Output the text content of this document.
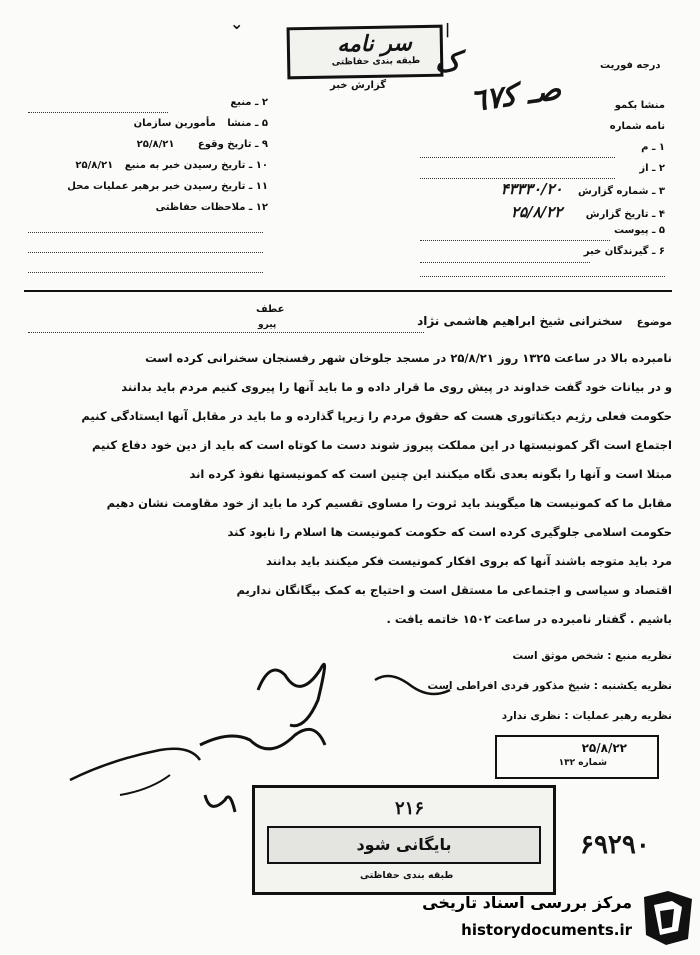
⌄	|
سر نامه
طبقه بندی حفاظتی ک
گزارش خبر
درجه فوریت
ﺻـ ﮐ٦٧
۲ ـ منبع
۵ ـ منشا مأمورین سازمان
۹ ـ تاریخ وقوع ۲۵/۸/۲۱
۱۰ ـ تاریخ رسیدن خبر به منبع ۲۵/۸/۲۱
۱۱ ـ تاریخ رسیدن خبر برهبر عملیات محل
۱۲ ـ ملاحظات حفاظتی
منشا بکمو
نامه شماره
۱ ـ م
۲ ـ از
۳ ـ شماره گزارش ۴۳۳۳۰/۲۰
۴ ـ تاریخ گزارش ۲۵/۸/۲۲
۵ ـ پیوست
۶ ـ گیرندگان خبر
عطف
پیرو	موضوع سخنرانی شیخ ابراهیم هاشمی نژاد
نامبرده بالا در ساعت ۱۳۲۵ روز ۲۵/۸/۲۱ در مسجد جلوخان شهر رفسنجان سخنرانی کرده است
و در بیانات خود گفت خداوند در پیش روی ما قرار داده و ما باید آنها را پیروی کنیم مردم باید بدانند
حکومت فعلی رژیم دیکتاتوری هست که حقوق مردم را زیرپا گذارده و ما باید در مقابل آنها ایستادگی کنیم
اجتماع است اگر کمونیستها در این مملکت پیروز شوند دست ما کوتاه است که باید از دین خود دفاع کنیم
مبتلا است و آنها را بگونه بعدی نگاه میکنند این چنین است که کمونیستها نفوذ کرده اند
مقابل ما که کمونیست ها میگویند باید ثروت را مساوی تقسیم کرد ما باید از خود مقاومت نشان دهیم
حکومت اسلامی جلوگیری کرده است که حکومت کمونیست ها اسلام را نابود کند
مرد باید متوجه باشند آنها که بروی افکار کمونیست فکر میکنند باید بدانند
اقتصاد و سیاسی و اجتماعی ما مستقل است و احتیاج به کمک بیگانگان نداریم
باشیم . گفتار نامبرده در ساعت ۱۵۰۲ خاتمه یافت .
نظریه منبع : شخص موثق است
نظریه یکشنبه : شیخ مذکور فردی افراطی است
نظریه رهبر عملیات : نظری ندارد
۲۵/۸/۲۲
شماره ۱۳۲
۲۱۶
بایگانی شود
طبقه بندی حفاظتی
۶۹۲۹۰
مرکز بررسی اسناد تاریخی
historydocuments.ir
